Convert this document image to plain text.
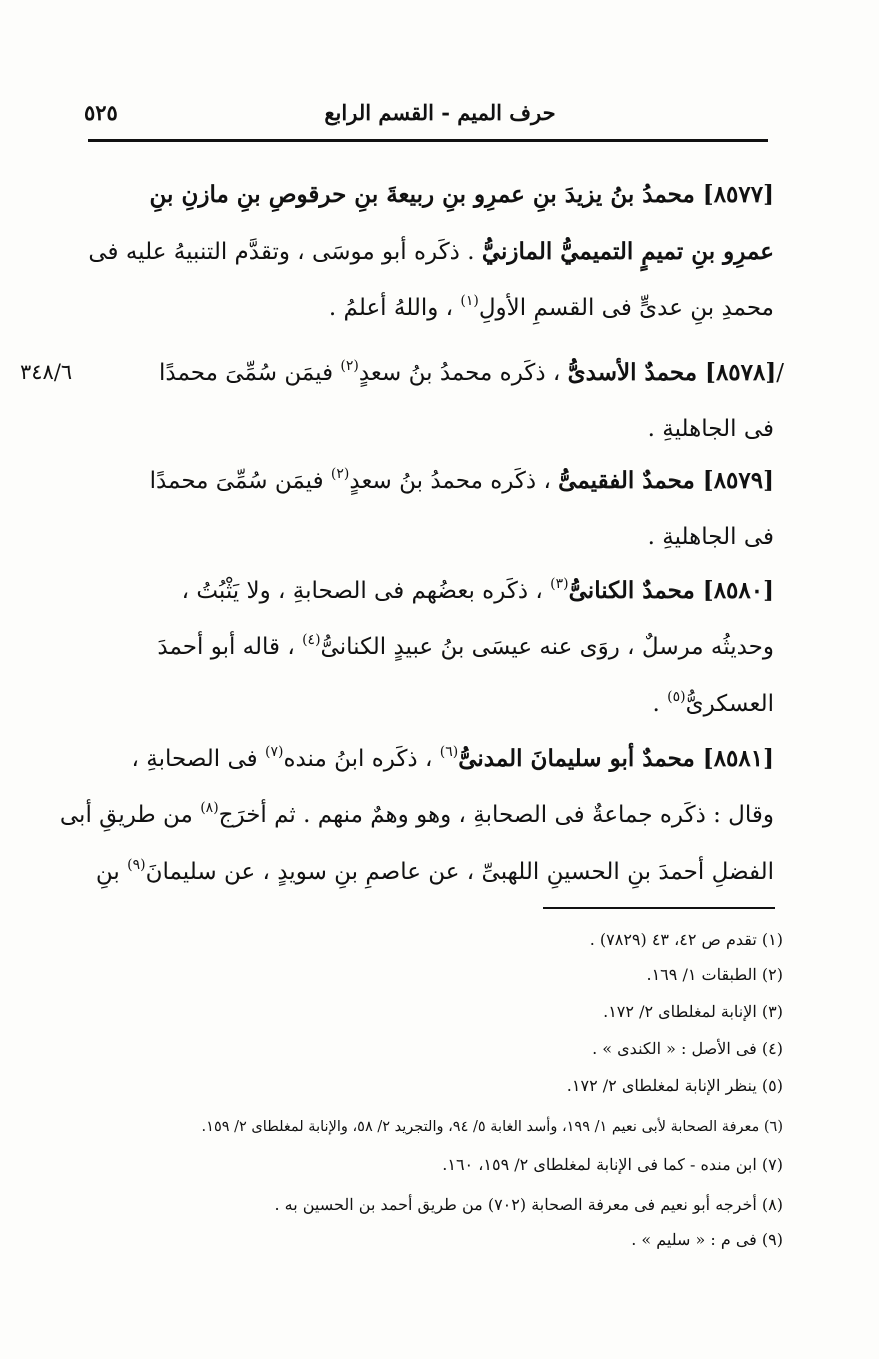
حرف الميم - القسم الرابع
٥٢٥
[٨٥٧٧] محمدُ بنُ يزيدَ بنِ عمرِو بنِ ربيعةَ بنِ حرقوصِ بنِ مازنِ بنِ
عمرِو بنِ تميمٍ التميميُّ المازنيُّ . ذكَره أبو موسَى ، وتقدَّم التنبيهُ عليه فى
محمدِ بنِ عدىٍّ فى القسمِ الأولِ$^{(١)}$ ، واللهُ أعلمُ .
٣٤٨/٦	/[٨٥٧٨] محمدٌ الأسدىُّ ، ذكَره محمدُ بنُ سعدٍ$^{(٢)}$ فيمَن سُمِّىَ محمدًا
فى الجاهليةِ .
[٨٥٧٩] محمدٌ الفقيمىُّ ، ذكَره محمدُ بنُ سعدٍ$^{(٢)}$ فيمَن سُمِّىَ محمدًا
فى الجاهليةِ .
[٨٥٨٠] محمدٌ الكنانىُّ$^{(٣)}$ ، ذكَره بعضُهم فى الصحابةِ ، ولا يَثْبُتُ ،
وحديثُه مرسلٌ ، روَى عنه عيسَى بنُ عبيدٍ الكنانىُّ$^{(٤)}$ ، قاله أبو أحمدَ
العسكرىُّ$^{(٥)}$ .
[٨٥٨١] محمدٌ أبو سليمانَ المدنىُّ$^{(٦)}$ ، ذكَره ابنُ منده$^{(٧)}$ فى الصحابةِ ،
وقال : ذكَره جماعةٌ فى الصحابةِ ، وهو وهمٌ منهم . ثم أخرَج$^{(٨)}$ من طريقِ أبى
الفضلِ أحمدَ بنِ الحسينِ اللهبىِّ ، عن عاصمِ بنِ سويدٍ ، عن سليمانَ$^{(٩)}$ بنِ
(١) تقدم ص ٤٢، ٤٣ (٧٨٢٩) .
(٢) الطبقات ١/ ١٦٩.
(٣) الإنابة لمغلطاى ٢/ ١٧٢.
(٤) فى الأصل : « الكندى » .
(٥) ينظر الإنابة لمغلطاى ٢/ ١٧٢.
(٦) معرفة الصحابة لأبى نعيم ١/ ١٩٩، وأسد الغابة ٥/ ٩٤، والتجريد ٢/ ٥٨، والإنابة لمغلطاى ٢/ ١٥٩.
(٧) ابن منده - كما فى الإنابة لمغلطاى ٢/ ١٥٩، ١٦٠.
(٨) أخرجه أبو نعيم فى معرفة الصحابة (٧٠٢) من طريق أحمد بن الحسين به .
(٩) فى م : « سليم » .
